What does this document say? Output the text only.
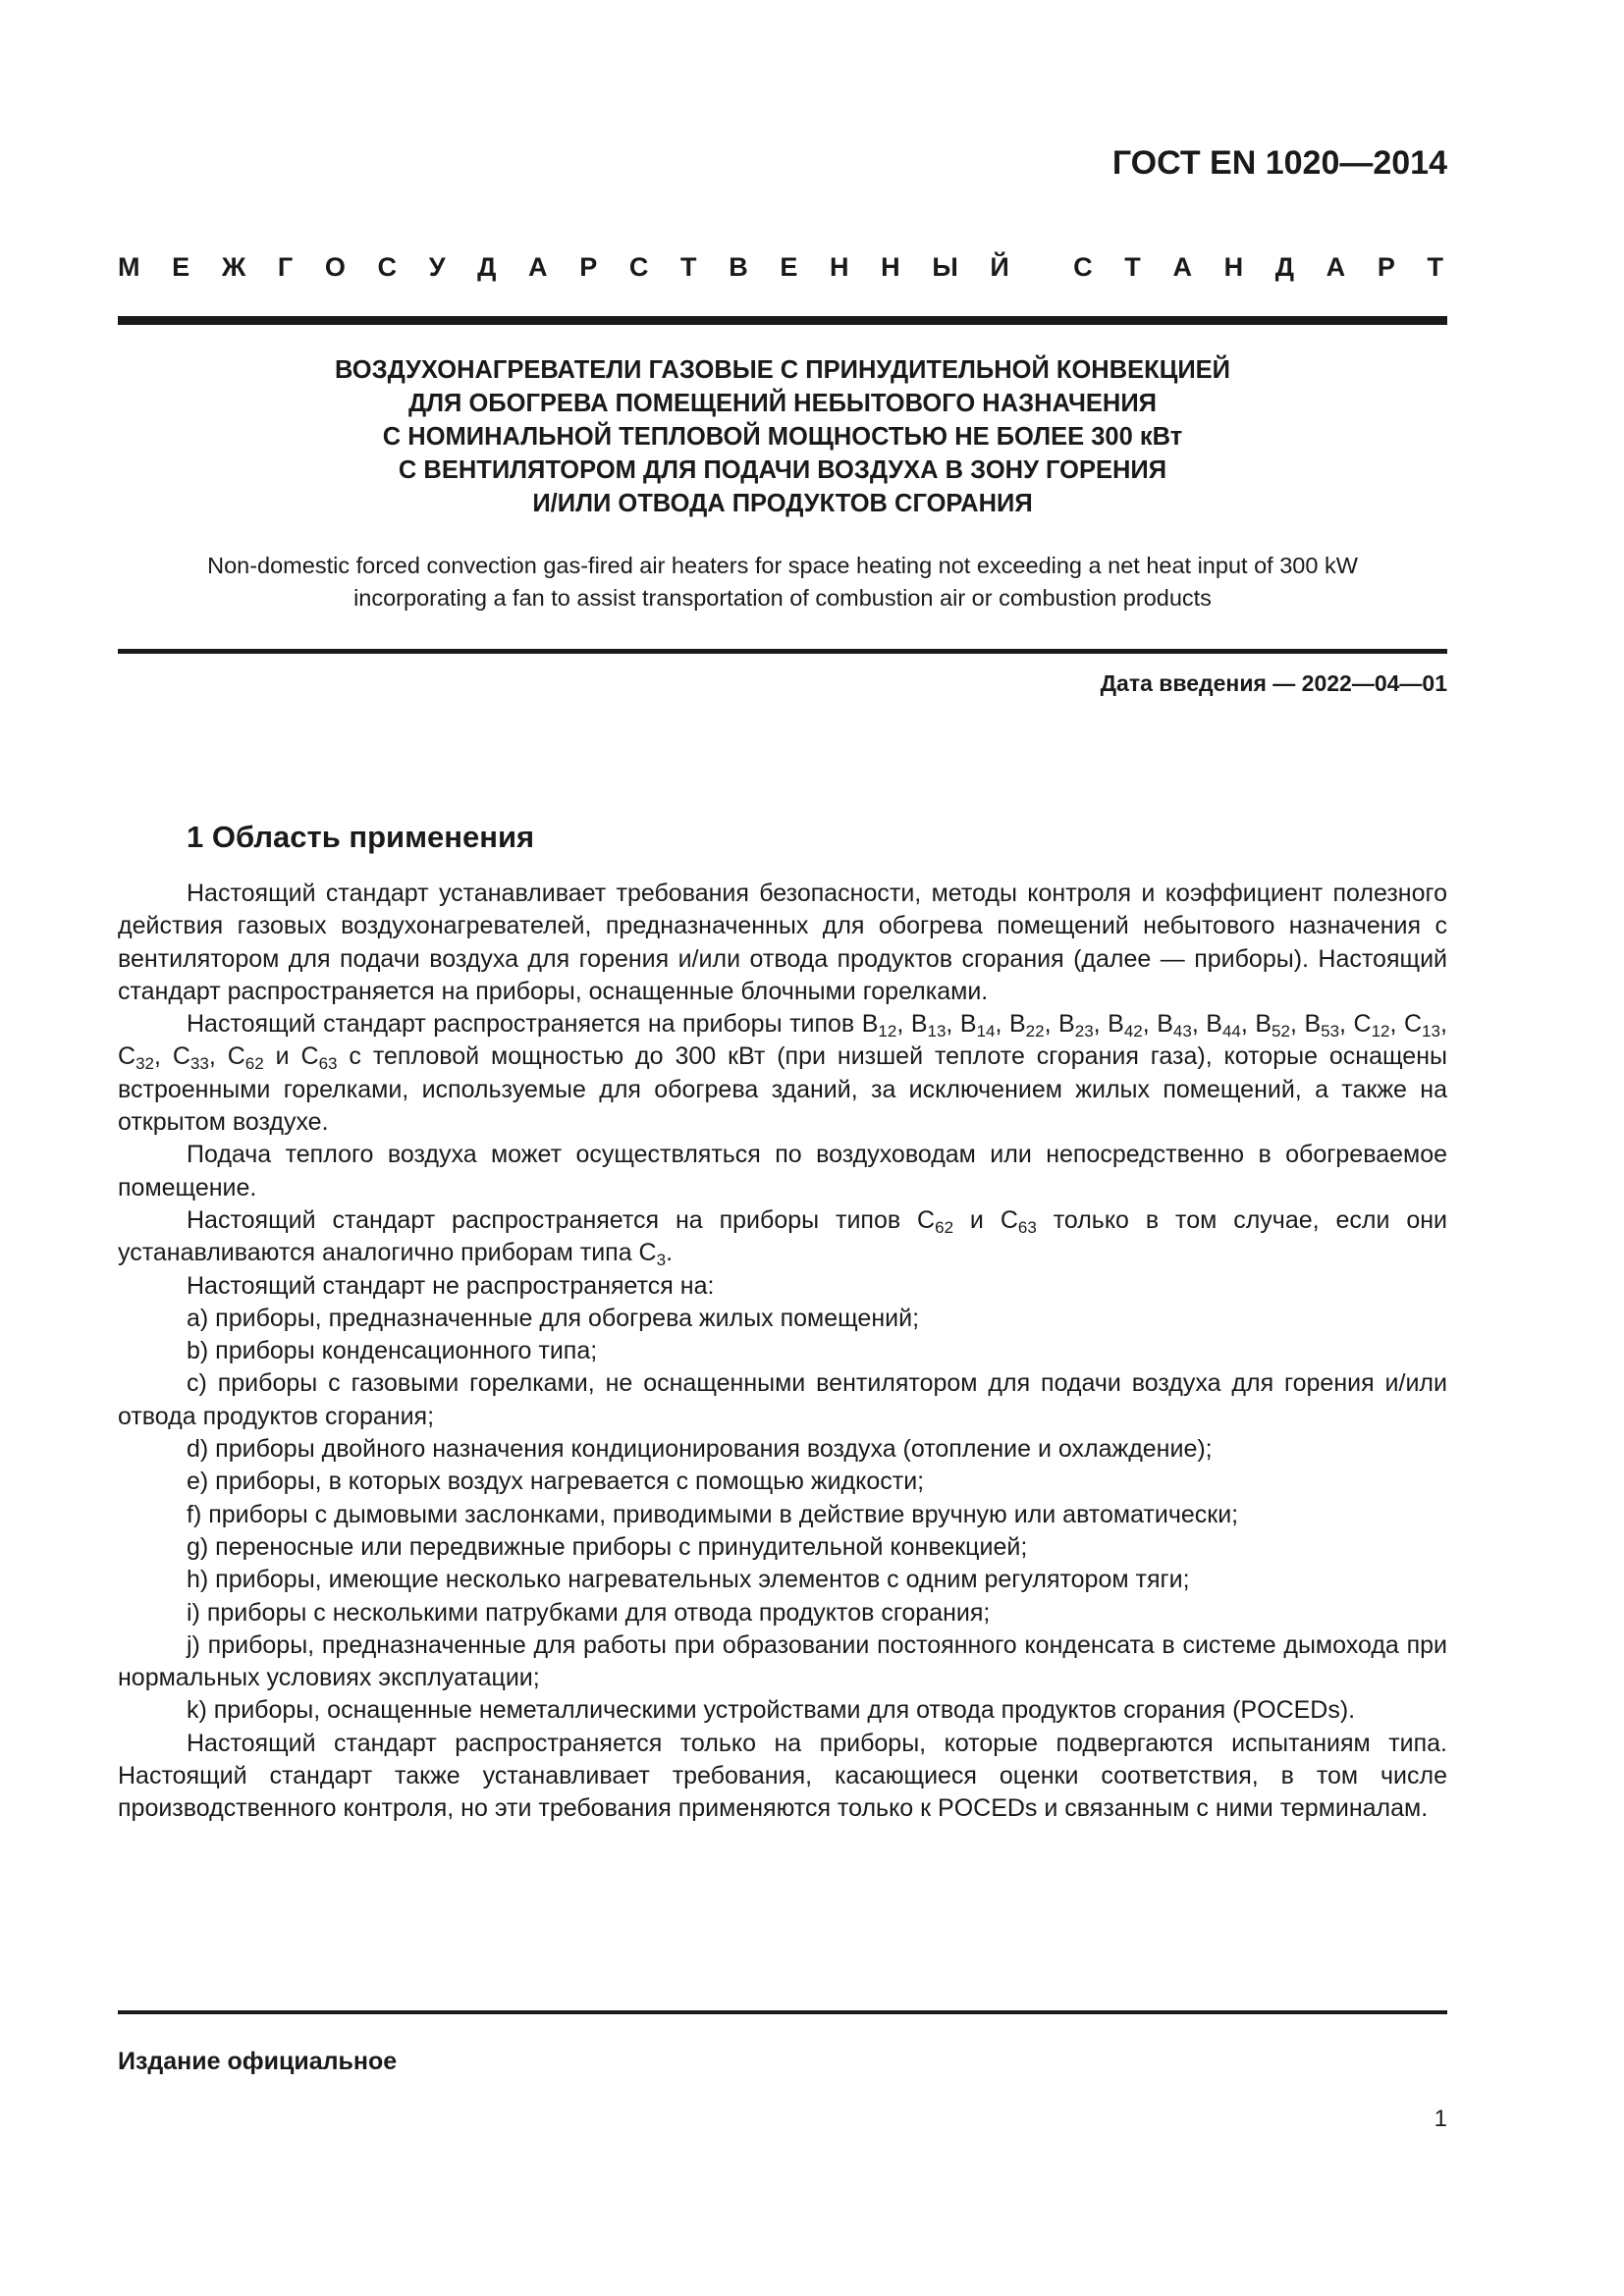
ГОСТ EN 1020—2014
М Е Ж Г О С У Д А Р С Т В Е Н Н Ы Й С Т А Н Д А Р Т
ВОЗДУХОНАГРЕВАТЕЛИ ГАЗОВЫЕ С ПРИНУДИТЕЛЬНОЙ КОНВЕКЦИЕЙ
ДЛЯ ОБОГРЕВА ПОМЕЩЕНИЙ НЕБЫТОВОГО НАЗНАЧЕНИЯ
С НОМИНАЛЬНОЙ ТЕПЛОВОЙ МОЩНОСТЬЮ НЕ БОЛЕЕ 300 кВт
С ВЕНТИЛЯТОРОМ ДЛЯ ПОДАЧИ ВОЗДУХА В ЗОНУ ГОРЕНИЯ
И/ИЛИ ОТВОДА ПРОДУКТОВ СГОРАНИЯ
Non-domestic forced convection gas-fired air heaters for space heating not exceeding a net heat input of 300 kW
incorporating a fan to assist transportation of combustion air or combustion products
Дата введения — 2022—04—01
1 Область применения

Настоящий стандарт устанавливает требования безопасности, методы контроля и коэффициент полезного действия газовых воздухонагревателей, предназначенных для обогрева помещений небытового назначения с вентилятором для подачи воздуха для горения и/или отвода продуктов сгорания (далее — приборы). Настоящий стандарт распространяется на приборы, оснащенные блочными горелками.

Настоящий стандарт распространяется на приборы типов $B_{12}$, $B_{13}$, $B_{14}$, $B_{22}$, $B_{23}$, $B_{42}$, $B_{43}$, $B_{44}$, $B_{52}$, $B_{53}$, $C_{12}$, $C_{13}$, $C_{32}$, $C_{33}$, $C_{62}$ и $C_{63}$ с тепловой мощностью до 300 кВт (при низшей теплоте сгорания газа), которые оснащены встроенными горелками, используемые для обогрева зданий, за исключением жилых помещений, а также на открытом воздухе.

Подача теплого воздуха может осуществляться по воздуховодам или непосредственно в обогреваемое помещение.

Настоящий стандарт распространяется на приборы типов $C_{62}$ и $C_{63}$ только в том случае, если они устанавливаются аналогично приборам типа $C_3$.

Настоящий стандарт не распространяется на:

a) приборы, предназначенные для обогрева жилых помещений;

b) приборы конденсационного типа;

c) приборы с газовыми горелками, не оснащенными вентилятором для подачи воздуха для горения и/или отвода продуктов сгорания;

d) приборы двойного назначения кондиционирования воздуха (отопление и охлаждение);

e) приборы, в которых воздух нагревается с помощью жидкости;

f) приборы с дымовыми заслонками, приводимыми в действие вручную или автоматически;

g) переносные или передвижные приборы с принудительной конвекцией;

h) приборы, имеющие несколько нагревательных элементов с одним регулятором тяги;

i) приборы с несколькими патрубками для отвода продуктов сгорания;

j) приборы, предназначенные для работы при образовании постоянного конденсата в системе дымохода при нормальных условиях эксплуатации;

k) приборы, оснащенные неметаллическими устройствами для отвода продуктов сгорания (POCEDs).

Настоящий стандарт распространяется только на приборы, которые подвергаются испытаниям типа. Настоящий стандарт также устанавливает требования, касающиеся оценки соответствия, в том числе производственного контроля, но эти требования применяются только к POCEDs и связанным с ними терминалам.

Издание официальное
1
